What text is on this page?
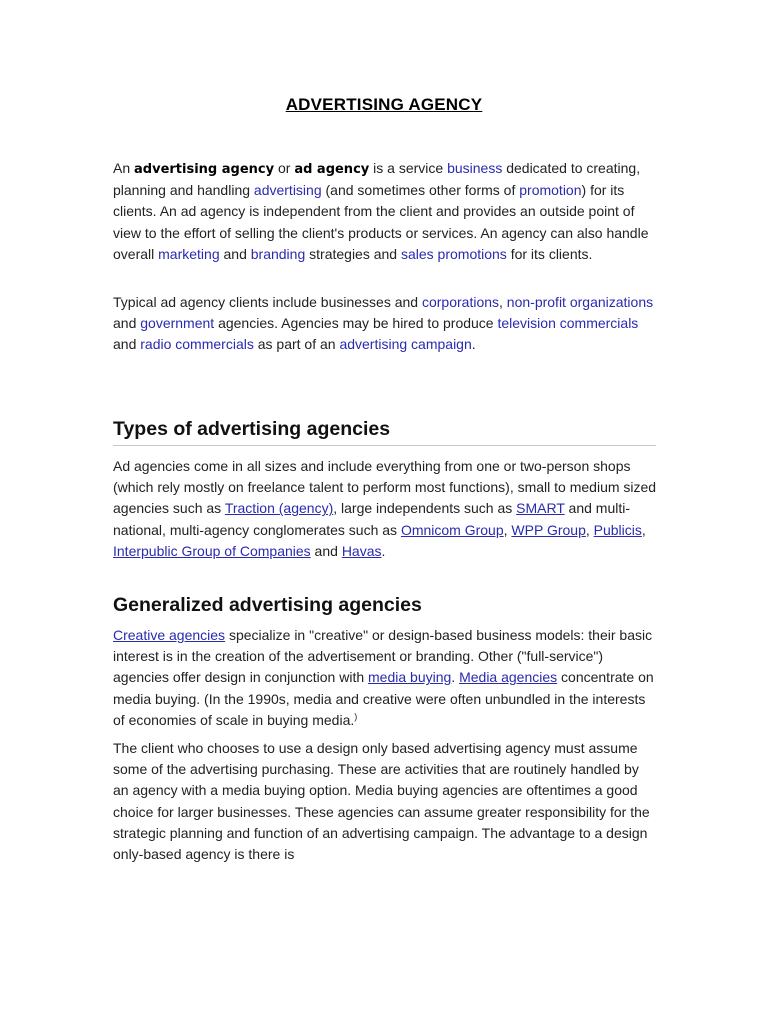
ADVERTISING AGENCY

An advertising agency or ad agency is a service business dedicated to creating, planning and handling advertising (and sometimes other forms of promotion) for its clients. An ad agency is independent from the client and provides an outside point of view to the effort of selling the client's products or services. An agency can also handle overall marketing and branding strategies and sales promotions for its clients.

Typical ad agency clients include businesses and corporations, non-profit organizations and government agencies. Agencies may be hired to produce television commercials and radio commercials as part of an advertising campaign.

Types of advertising agencies

Ad agencies come in all sizes and include everything from one or two-person shops (which rely mostly on freelance talent to perform most functions), small to medium sized agencies such as Traction (agency), large independents such as SMART and multi-national, multi-agency conglomerates such as Omnicom Group, WPP Group, Publicis, Interpublic Group of Companies and Havas.

Generalized advertising agencies

Creative agencies specialize in "creative" or design-based business models: their basic interest is in the creation of the advertisement or branding. Other ("full-service") agencies offer design in conjunction with media buying. Media agencies concentrate on media buying. (In the 1990s, media and creative were often unbundled in the interests of economies of scale in buying media.)

The client who chooses to use a design only based advertising agency must assume some of the advertising purchasing. These are activities that are routinely handled by an agency with a media buying option. Media buying agencies are oftentimes a good choice for larger businesses. These agencies can assume greater responsibility for the strategic planning and function of an advertising campaign. The advantage to a design only-based agency is there is
